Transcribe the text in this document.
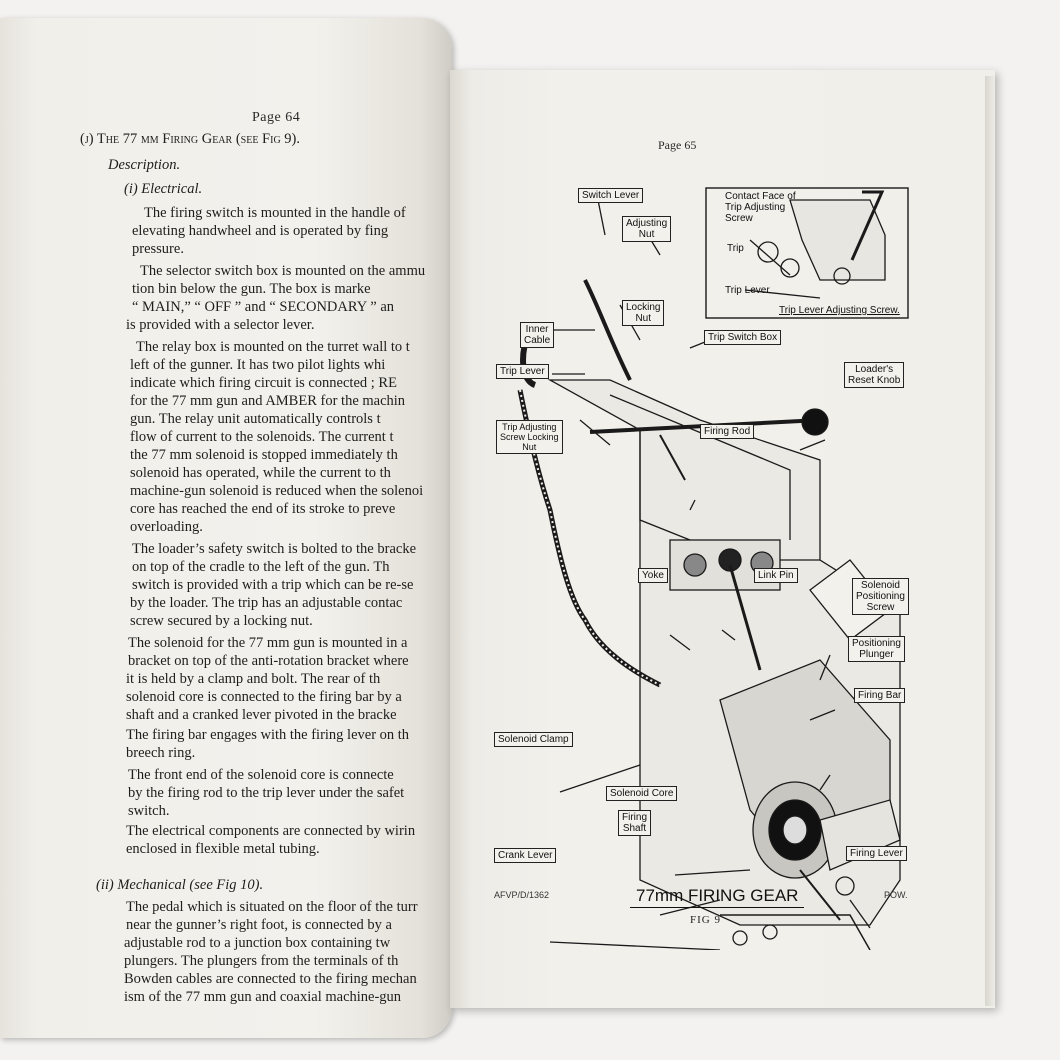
Page 64
(j) The 77 mm Firing Gear (see Fig 9).
Description.
(i) Electrical.
The firing switch is mounted in the handle of
elevating handwheel and is operated by fing
pressure.
The selector switch box is mounted on the ammu
tion bin below the gun. The box is marke
“ MAIN,” “ OFF ” and “ SECONDARY ” an
is provided with a selector lever.
The relay box is mounted on the turret wall to t
left of the gunner. It has two pilot lights whi
indicate which firing circuit is connected ; RE
for the 77 mm gun and AMBER for the machin
gun. The relay unit automatically controls t
flow of current to the solenoids. The current t
the 77 mm solenoid is stopped immediately th
solenoid has operated, while the current to th
machine-gun solenoid is reduced when the solenoi
core has reached the end of its stroke to preve
overloading.
The loader’s safety switch is bolted to the bracke
on top of the cradle to the left of the gun. Th
switch is provided with a trip which can be re-se
by the loader. The trip has an adjustable contac
screw secured by a locking nut.
The solenoid for the 77 mm gun is mounted in a
bracket on top of the anti-rotation bracket where
it is held by a clamp and bolt. The rear of th
solenoid core is connected to the firing bar by a
shaft and a cranked lever pivoted in the bracke
The firing bar engages with the firing lever on th
breech ring.
The front end of the solenoid core is connecte
by the firing rod to the trip lever under the safet
switch.
The electrical components are connected by wirin
enclosed in flexible metal tubing.
(ii) Mechanical (see Fig 10).
The pedal which is situated on the floor of the turr
near the gunner’s right foot, is connected by a
adjustable rod to a junction box containing tw
plungers. The plungers from the terminals of th
Bowden cables are connected to the firing mechan
ism of the 77 mm gun and coaxial machine-gun
Page 65
Switch Lever
Adjusting
Nut
Contact Face of
Trip Adjusting
Screw
Trip
Trip Lever
Trip Lever Adjusting Screw.
Inner
Cable
Locking
Nut
Trip Switch Box
Trip Lever	Loader's
Reset Knob
Trip Adjusting
Screw Locking
Nut
Firing Rod
Yoke	Link Pin
Solenoid
Positioning
Screw
Positioning
Plunger
Firing Bar
Solenoid Clamp
Solenoid Core
Firing
Shaft
Crank Lever	Firing Lever
AFVP/D/1362	77mm FIRING GEAR	POW.
FIG 9
